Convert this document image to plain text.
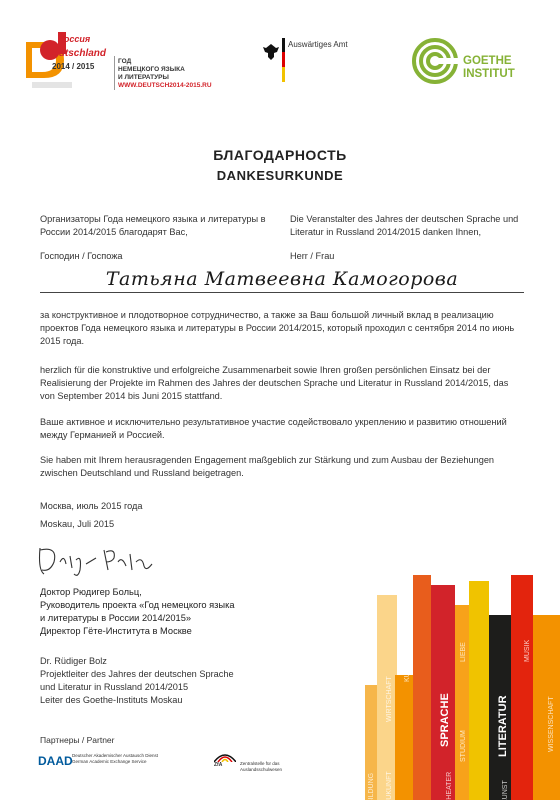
Россия
Deutschland
2014 / 2015
ГОД
НЕМЕЦКОГО ЯЗЫКА
И ЛИТЕРАТУРЫ
WWW.DEUTSCH2014-2015.RU
Auswärtiges Amt
GOETHE
INSTITUT
БЛАГОДАРНОСТЬ
DANKESURKUNDE
Организаторы Года немецкого языка и литературы в России 2014/2015 благодарят Вас,
Die Veranstalter des Jahres der deutschen Sprache und Literatur in Russland 2014/2015 danken Ihnen,
Господин / Госпожа	Herr / Frau
Татьяна Матвеевна Камогорова
за конструктивное и плодотворное сотрудничество, а также за Ваш большой личный вклад в реализацию проектов Года немецкого языка и литературы в России 2014/2015, который проходил с сентября 2014 по июнь 2015 года.
herzlich für die konstruktive und erfolgreiche Zusammenarbeit sowie Ihren großen persönlichen Einsatz bei der Realisierung der Projekte im Rahmen des Jahres der deutschen Sprache und Literatur in Russland 2014/2015, das von September 2014 bis Juni 2015 stattfand.
Ваше активное и исключительно результативное участие содействовало укреплению и развитию отношений между Германией и Россией.
Sie haben mit Ihrem herausragenden Engagement maßgeblich zur Stärkung und zum Ausbau der Beziehungen zwischen Deutschland und Russland beigetragen.
Москва, июль 2015 года
Moskau, Juli 2015
Доктор Рюдигер Больц,
Руководитель проекта «Год немецкого языка
и литературы в России 2014/2015»
Директор Гёте-Института в Москве
Dr. Rüdiger Bolz
Projektleiter des Jahres der deutschen Sprache
und Literatur in Russland 2014/2015
Leiter des Goethe-Instituts Moskau
Партнеры / Partner
DAAD Deutscher Akademischer Austausch Dienst
German Academic Exchange Service
ZfA	Zentralstelle für das
Auslandsschulwesen
BILDUNG ZUKUNFT
WIRTSCHAFT
KULTUR
SPRACHE
THEATER
LIEBE
STUDIUM	LITERATUR
KUNST
MUSIK
WISSENSCHAFT
